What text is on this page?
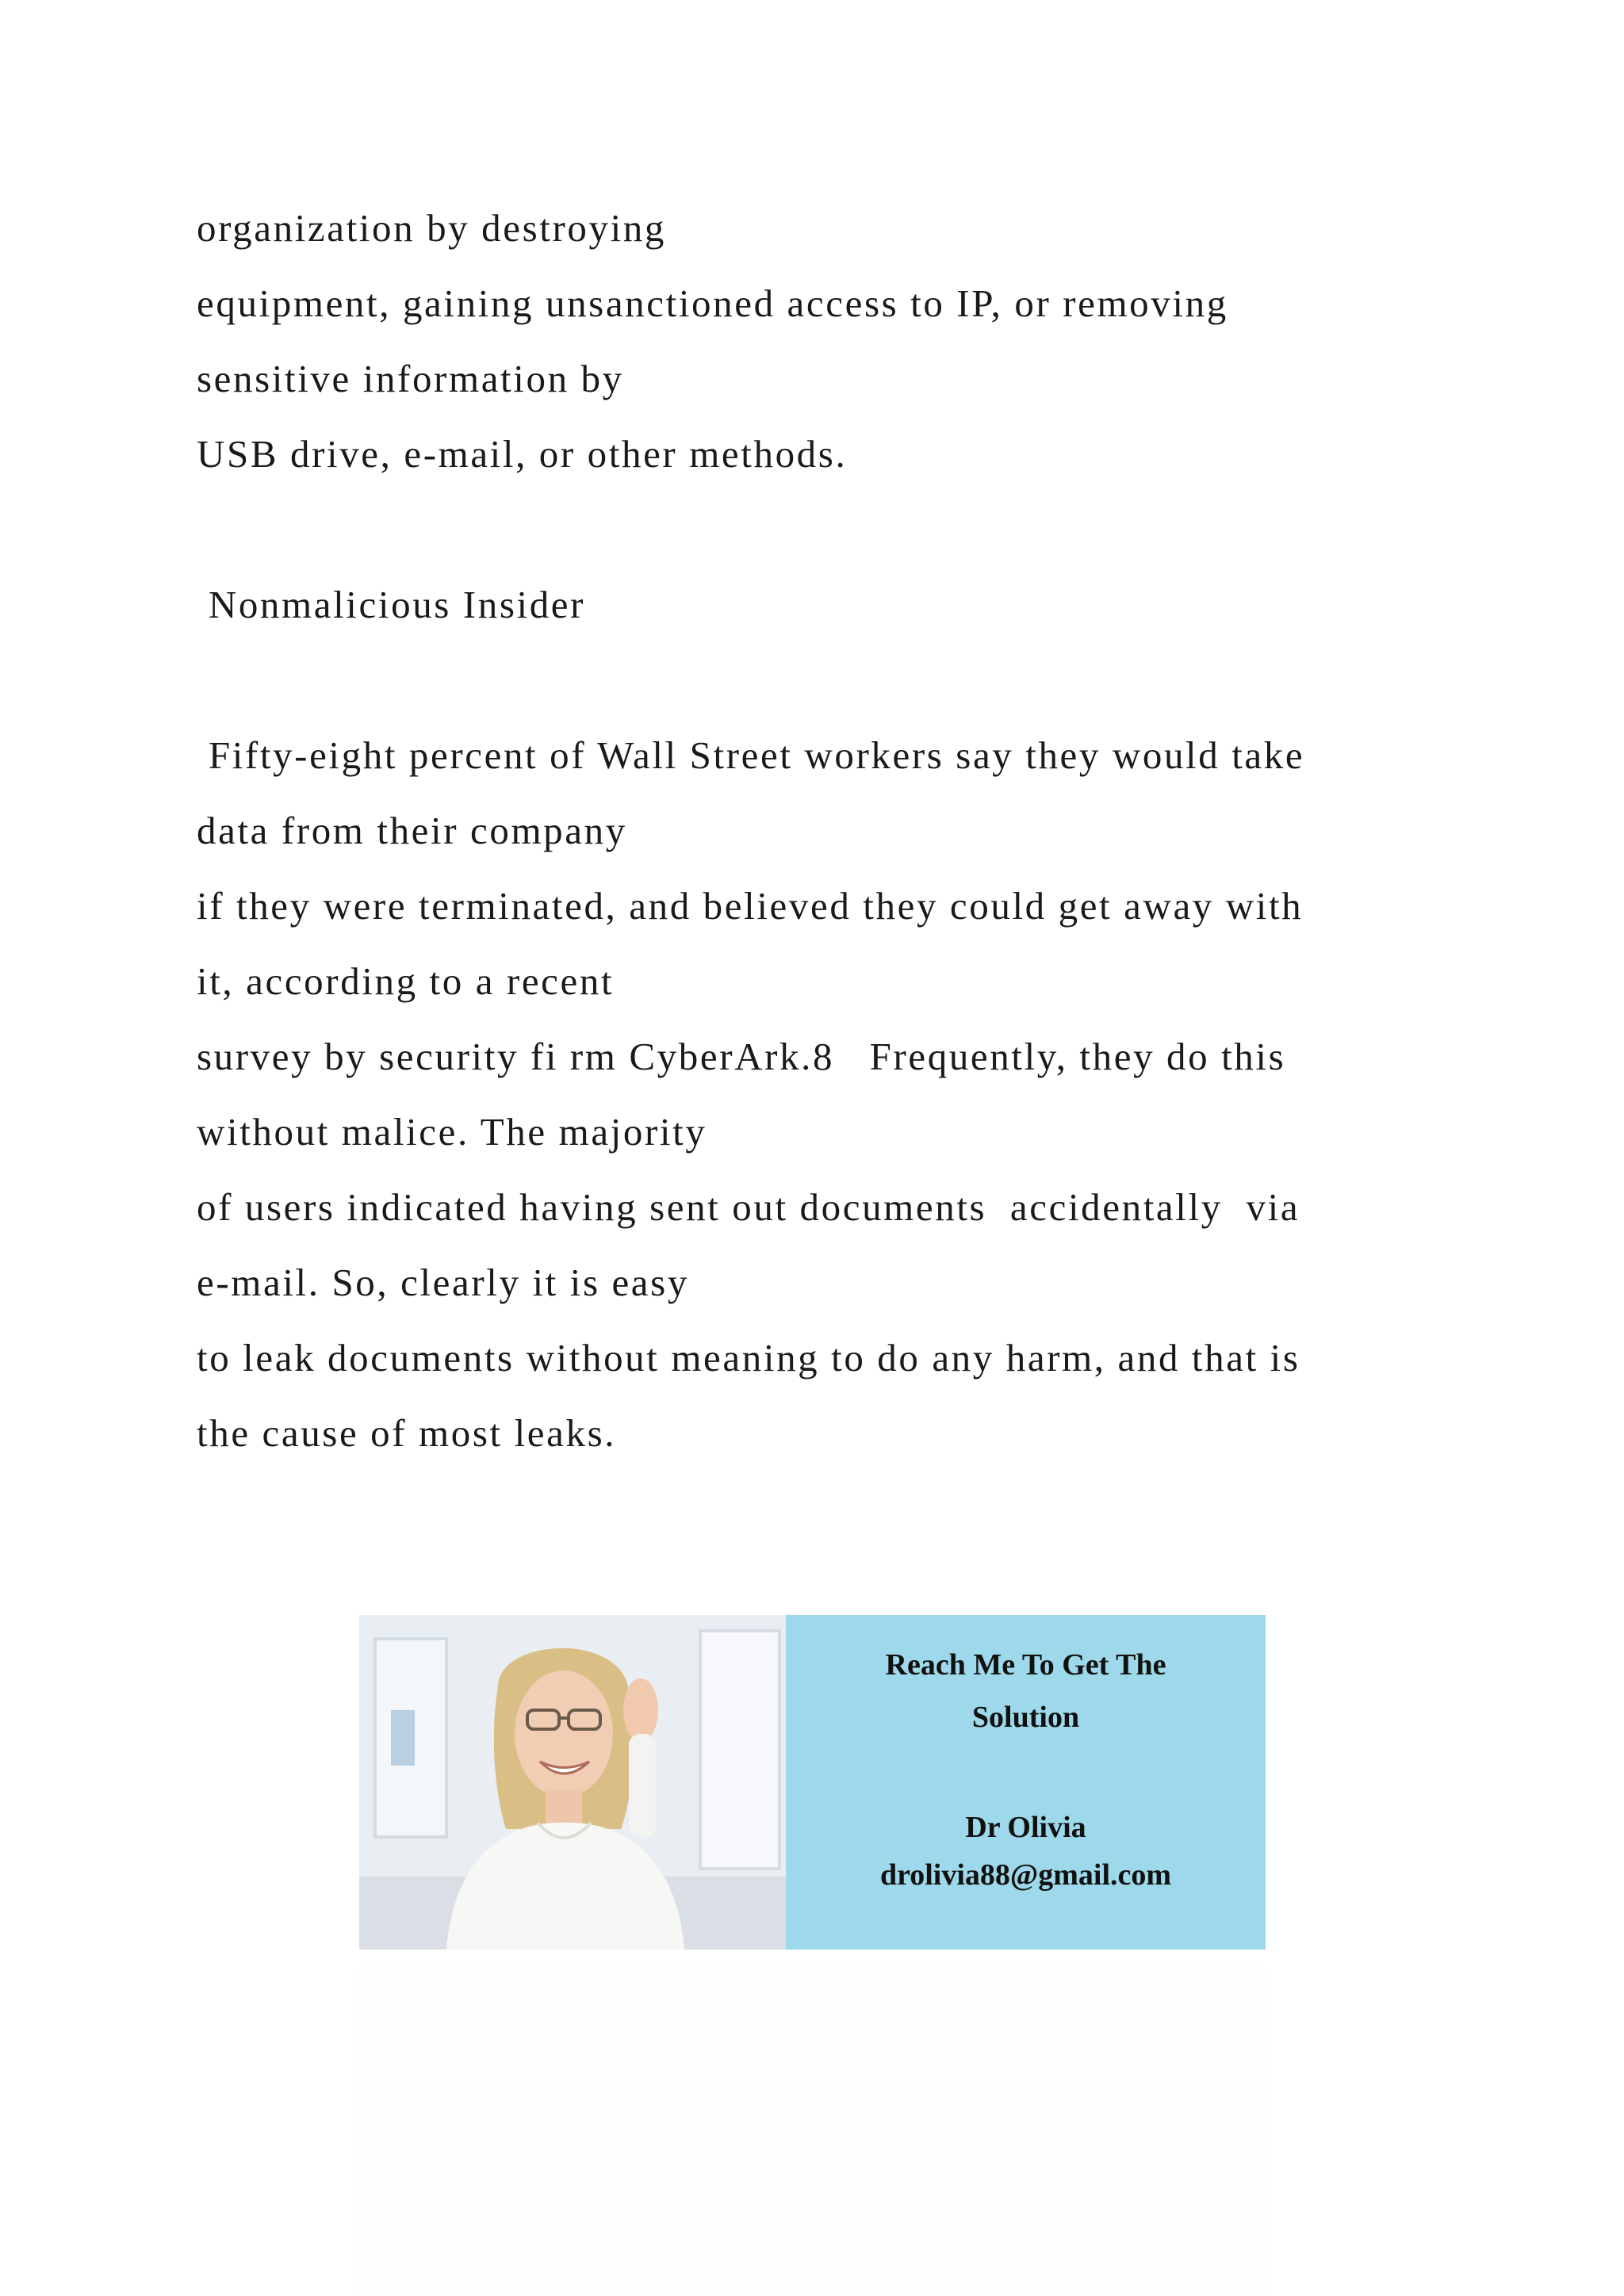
organization by destroying

equipment, gaining unsanctioned access to IP, or removing

sensitive information by

USB drive, e-mail, or other methods.

Nonmalicious Insider

Fifty-eight percent of Wall Street workers say they would take

data from their company

if they were terminated, and believed they could get away with

it, according to a recent

survey by security fi rm CyberArk.8   Frequently, they do this

without malice. The majority

of users indicated having sent out documents  accidentally  via

e-mail. So, clearly it is easy

to leak documents without meaning to do any harm, and that is

the cause of most leaks.

Reach Me To Get The Solution
Dr Olivia
drolivia88@gmail.com
